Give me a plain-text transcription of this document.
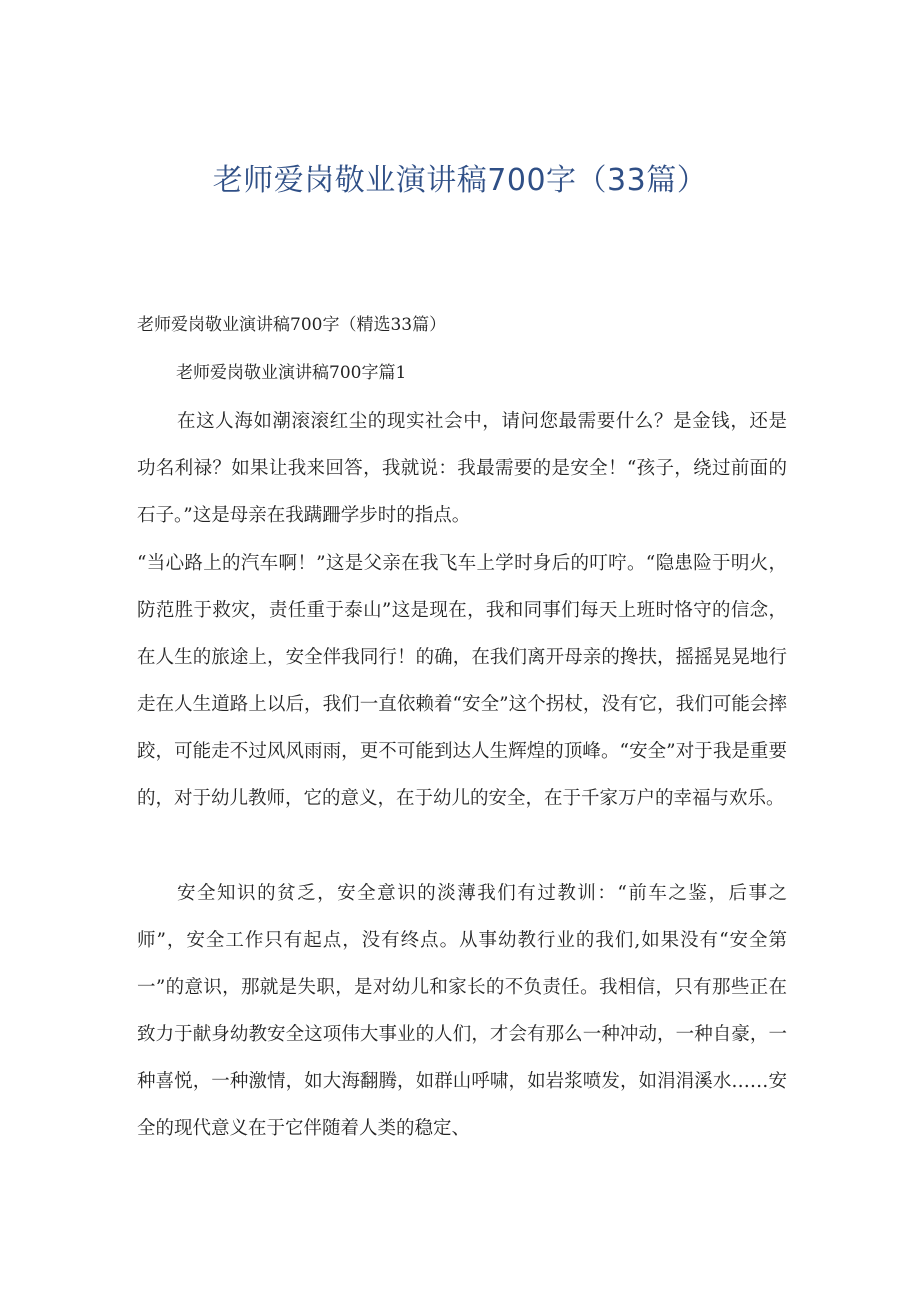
老师爱岗敬业演讲稿700字（33篇）

老师爱岗敬业演讲稿700字（精选33篇）

老师爱岗敬业演讲稿700字篇1

在这人海如潮滚滚红尘的现实社会中，请问您最需要什么？是金钱，还是功名利禄？如果让我来回答，我就说：我最需要的是安全！“孩子，绕过前面的石子。”这是母亲在我蹒跚学步时的指点。

“当心路上的汽车啊！”这是父亲在我飞车上学时身后的叮咛。“隐患险于明火，防范胜于救灾，责任重于泰山”这是现在，我和同事们每天上班时恪守的信念，在人生的旅途上，安全伴我同行！的确，在我们离开母亲的搀扶，摇摇晃晃地行走在人生道路上以后，我们一直依赖着“安全”这个拐杖，没有它，我们可能会摔跤，可能走不过风风雨雨，更不可能到达人生辉煌的顶峰。“安全”对于我是重要的，对于幼儿教师，它的意义，在于幼儿的安全，在于千家万户的幸福与欢乐。

安全知识的贫乏，安全意识的淡薄我们有过教训：“前车之鉴，后事之师”，安全工作只有起点，没有终点。从事幼教行业的我们,如果没有“安全第一”的意识，那就是失职，是对幼儿和家长的不负责任。我相信，只有那些正在致力于献身幼教安全这项伟大事业的人们，才会有那么一种冲动，一种自豪，一种喜悦，一种激情，如大海翻腾，如群山呼啸，如岩浆喷发，如涓涓溪水……安全的现代意义在于它伴随着人类的稳定、
